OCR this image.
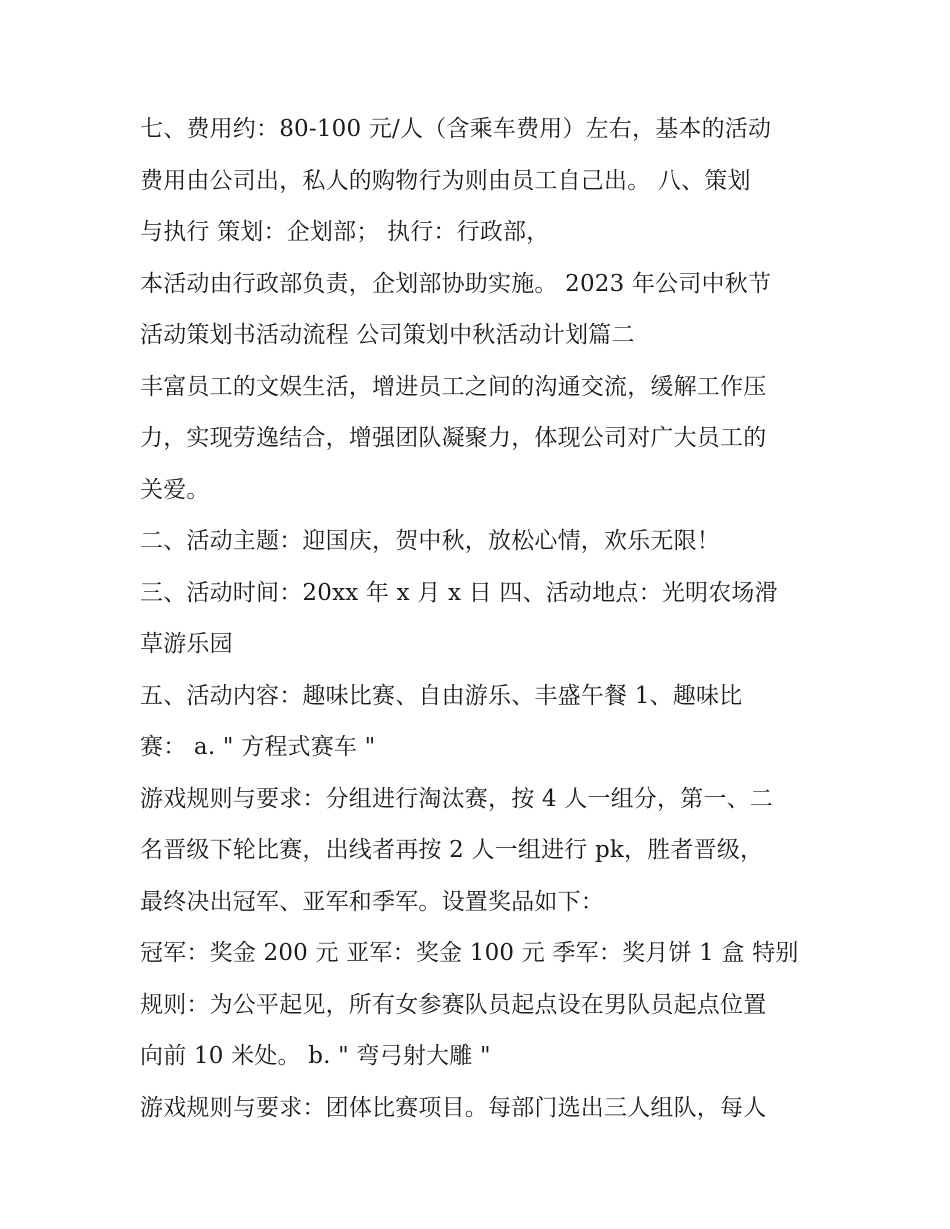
七、费用约：80-100 元/人（含乘车费用）左右，基本的活动
费用由公司出，私人的购物行为则由员工自己出。 八、策划
与执行 策划：企划部； 执行：行政部，
本活动由行政部负责，企划部协助实施。 2023 年公司中秋节
活动策划书活动流程 公司策划中秋活动计划篇二
丰富员工的文娱生活，增进员工之间的沟通交流，缓解工作压
力，实现劳逸结合，增强团队凝聚力，体现公司对广大员工的
关爱。
二、活动主题：迎国庆，贺中秋，放松心情，欢乐无限！
三、活动时间：20xx 年 x 月 x 日 四、活动地点：光明农场滑
草游乐园
五、活动内容：趣味比赛、自由游乐、丰盛午餐 1、趣味比
赛： a. " 方程式赛车 "
游戏规则与要求：分组进行淘汰赛，按 4 人一组分，第一、二
名晋级下轮比赛，出线者再按 2 人一组进行 pk，胜者晋级，
最终决出冠军、亚军和季军。设置奖品如下：
冠军：奖金 200 元 亚军：奖金 100 元 季军：奖月饼 1 盒 特别
规则：为公平起见，所有女参赛队员起点设在男队员起点位置
向前 10 米处。 b. " 弯弓射大雕 "
游戏规则与要求：团体比赛项目。每部门选出三人组队，每人
